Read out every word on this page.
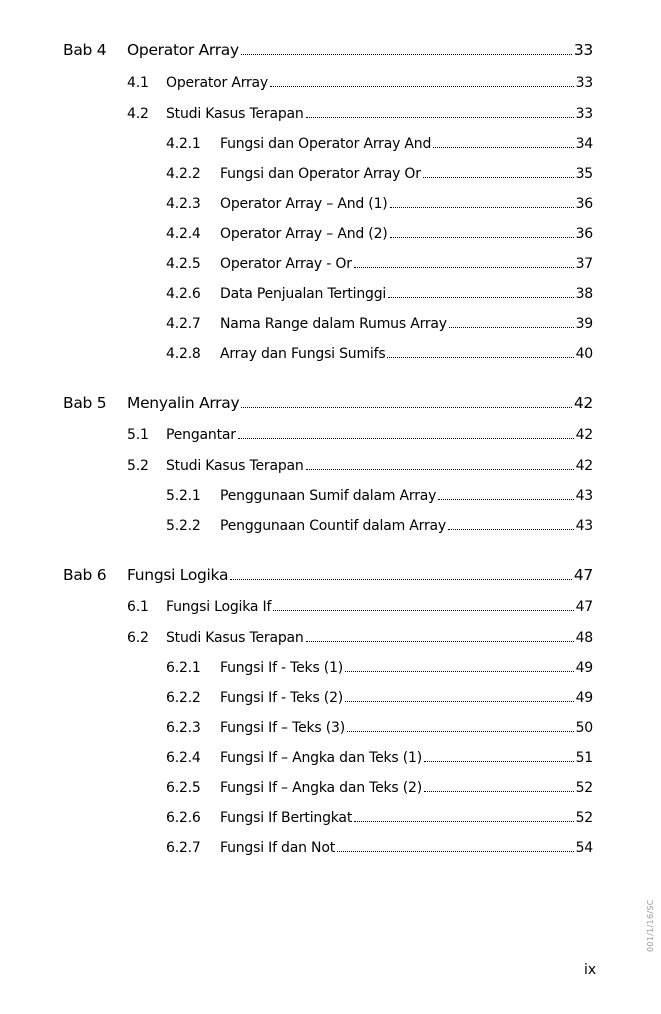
Bab 4 Operator Array	33
4.1 Operator Array	33
4.2 Studi Kasus Terapan	33
4.2.1 Fungsi dan Operator Array And	34
4.2.2 Fungsi dan Operator Array Or	35
4.2.3 Operator Array – And (1)	36
4.2.4 Operator Array – And (2)	36
4.2.5 Operator Array - Or	37
4.2.6 Data Penjualan Tertinggi	38
4.2.7 Nama Range dalam Rumus Array	39
4.2.8 Array dan Fungsi Sumifs	40
Bab 5 Menyalin Array	42
5.1 Pengantar	42
5.2 Studi Kasus Terapan	42
5.2.1 Penggunaan Sumif dalam Array	43
5.2.2 Penggunaan Countif dalam Array	43
Bab 6 Fungsi Logika	47
6.1 Fungsi Logika If	47
6.2 Studi Kasus Terapan	48
6.2.1 Fungsi If - Teks (1)	49
6.2.2 Fungsi If - Teks (2)	49
6.2.3 Fungsi If – Teks (3)	50
6.2.4 Fungsi If – Angka dan Teks (1)	51
6.2.5 Fungsi If – Angka dan Teks (2)	52
6.2.6 Fungsi If Bertingkat	52
6.2.7 Fungsi If dan Not	54
ix
001/1/16/SC
